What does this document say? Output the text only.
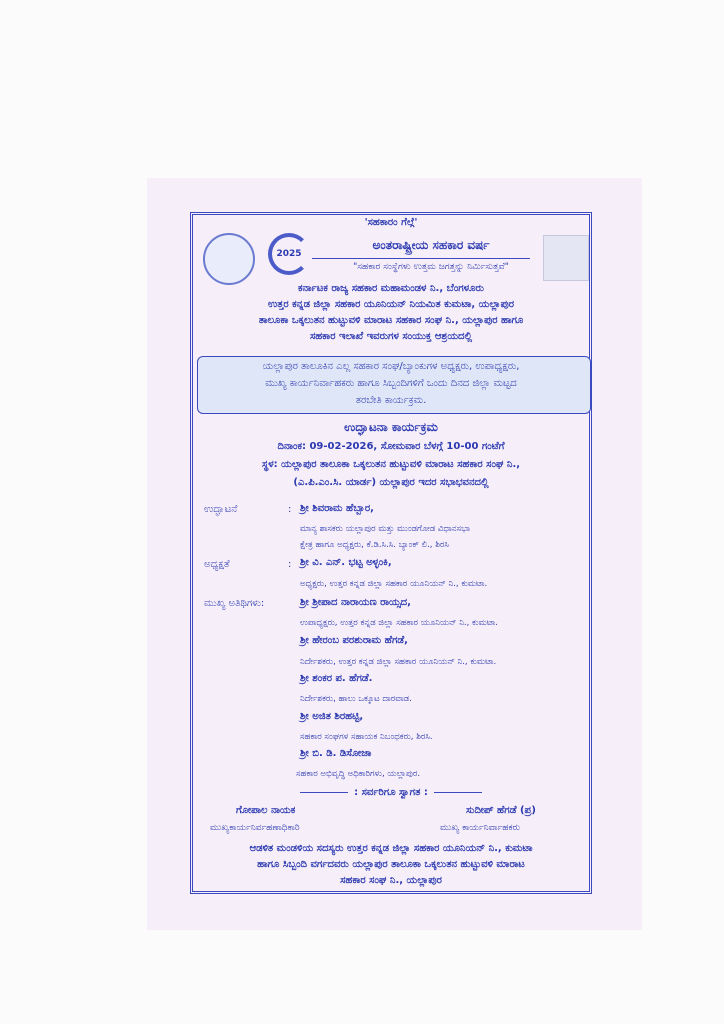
2025
'ಸಹಕಾರಂ ಗೆಲ್ಗೆ'
ಅಂತರಾಷ್ಟ್ರೀಯ ಸಹಕಾರ ವರ್ಷ
"ಸಹಕಾರ ಸಂಸ್ಥೆಗಳು ಉತ್ತಮ ಜಗತ್ತನ್ನು ನಿರ್ಮಿಸುತ್ತವೆ"
ಕರ್ನಾಟಕ ರಾಜ್ಯ ಸಹಕಾರ ಮಹಾಮಂಡಳ ನಿ., ಬೆಂಗಳೂರು
ಉತ್ತರ ಕನ್ನಡ ಜಿಲ್ಲಾ ಸಹಕಾರ ಯೂನಿಯನ್ ನಿಯಮಿತ ಕುಮಟಾ, ಯಲ್ಲಾಪುರ
ತಾಲೂಕಾ ಒಕ್ಕಲುತನ ಹುಟ್ಟುವಳಿ ಮಾರಾಟ ಸಹಕಾರ ಸಂಘ ನಿ., ಯಲ್ಲಾಪುರ ಹಾಗೂ
ಸಹಕಾರ ಇಲಾಖೆ ಇವರುಗಳ ಸಂಯುಕ್ತ ಆಶ್ರಯದಲ್ಲಿ
ಯಲ್ಲಾಪುರ ತಾಲೂಕಿನ ಎಲ್ಲ ಸಹಕಾರ ಸಂಘ/ಬ್ಯಾಂಕುಗಳ ಅಧ್ಯಕ್ಷರು, ಉಪಾಧ್ಯಕ್ಷರು,
ಮುಖ್ಯ ಕಾರ್ಯನಿರ್ವಾಹಕರು ಹಾಗೂ ಸಿಬ್ಬಂದಿಗಳಿಗೆ ಒಂದು ದಿನದ ಜಿಲ್ಲಾ ಮಟ್ಟದ
ತರಬೇತಿ ಕಾರ್ಯಕ್ರಮ.
ಉದ್ಘಾಟನಾ ಕಾರ್ಯಕ್ರಮ
ದಿನಾಂಕ: 09-02-2026, ಸೋಮವಾರ ಬೆಳಗ್ಗೆ 10-00 ಗಂಟೆಗೆ
ಸ್ಥಳ: ಯಲ್ಲಾಪುರ ತಾಲೂಕಾ ಒಕ್ಕಲುತನ ಹುಟ್ಟುವಳಿ ಮಾರಾಟ ಸಹಕಾರ ಸಂಘ ನಿ.,
(ಎ.ಪಿ.ಎಂ.ಸಿ. ಯಾರ್ಡ) ಯಲ್ಲಾಪುರ ಇದರ ಸಭಾಭವನದಲ್ಲಿ
ಉದ್ಘಾಟನೆ	:
ಅಧ್ಯಕ್ಷತೆ	:
ಮುಖ್ಯ ಅತಿಥಿಗಳು:
ಶ್ರೀ ಶಿವರಾಮ ಹೆಬ್ಬಾರ,
ಮಾನ್ಯ ಶಾಸಕರು ಯಲ್ಲಾಪುರ ಮತ್ತು ಮುಂಡಗೋಡ ವಿಧಾನಸಭಾ
ಕ್ಷೇತ್ರ ಹಾಗೂ ಅಧ್ಯಕ್ಷರು, ಕೆ.ಡಿ.ಸಿ.ಸಿ. ಬ್ಯಾಂಕ್ ಲಿ., ಶಿರಸಿ
ಶ್ರೀ ವಿ. ಎನ್. ಭಟ್ಟ ಅಳ್ಳಂಕಿ,
ಅಧ್ಯಕ್ಷರು, ಉತ್ತರ ಕನ್ನಡ ಜಿಲ್ಲಾ ಸಹಕಾರ ಯೂನಿಯನ್ ನಿ., ಕುಮಟಾ.
ಶ್ರೀ ಶ್ರೀಪಾದ ನಾರಾಯಣ ರಾಯ್ಸದ,
ಉಪಾಧ್ಯಕ್ಷರು, ಉತ್ತರ ಕನ್ನಡ ಜಿಲ್ಲಾ ಸಹಕಾರ ಯೂನಿಯನ್ ನಿ., ಕುಮಟಾ.
ಶ್ರೀ ಹೇರಂಬ ಪರಶುರಾಮ ಹೆಗಡೆ,
ನಿರ್ದೇಶಕರು, ಉತ್ತರ ಕನ್ನಡ ಜಿಲ್ಲಾ ಸಹಕಾರ ಯೂನಿಯನ್ ನಿ., ಕುಮಟಾ.
ಶ್ರೀ ಶಂಕರ ಪ. ಹೆಗಡೆ.
ನಿರ್ದೇಶಕರು, ಹಾಲು ಒಕ್ಕೂಟ ದಾರವಾಡ.
ಶ್ರೀ ಅಜಿತ ಶಿರಹಟ್ಟಿ,
ಸಹಕಾರ ಸಂಘಗಳ ಸಹಾಯಕ ನಿಬಂಧಕರು, ಶಿರಸಿ.
ಶ್ರೀ ಬಿ. ಡಿ. ಡಿಸೋಜಾ
ಸಹಕಾರ ಅಭಿವೃದ್ಧಿ ಅಧಿಕಾರಿಗಳು, ಯಲ್ಲಾಪುರ.
: ಸರ್ವರಿಗೂ ಸ್ವಾಗತ :
ಗೋಪಾಲ ನಾಯಕ
ಮುಖ್ಯಕಾರ್ಯನಿರ್ವಹಣಾಧಿಕಾರಿ
ಸುದೀಪ್ ಹೆಗಡೆ (ಪ್ರ)
ಮುಖ್ಯ ಕಾರ್ಯನಿರ್ವಾಹಕರು
ಆಡಳಿತ ಮಂಡಳಿಯ ಸದಸ್ಯರು ಉತ್ತರ ಕನ್ನಡ ಜಿಲ್ಲಾ ಸಹಕಾರ ಯೂನಿಯನ್ ನಿ., ಕುಮಟಾ
ಹಾಗೂ ಸಿಬ್ಬಂದಿ ವರ್ಗದವರು ಯಲ್ಲಾಪುರ ತಾಲೂಕಾ ಒಕ್ಕಲುತನ ಹುಟ್ಟುವಳಿ ಮಾರಾಟ
ಸಹಕಾರ ಸಂಘ ನಿ., ಯಲ್ಲಾಪುರ
